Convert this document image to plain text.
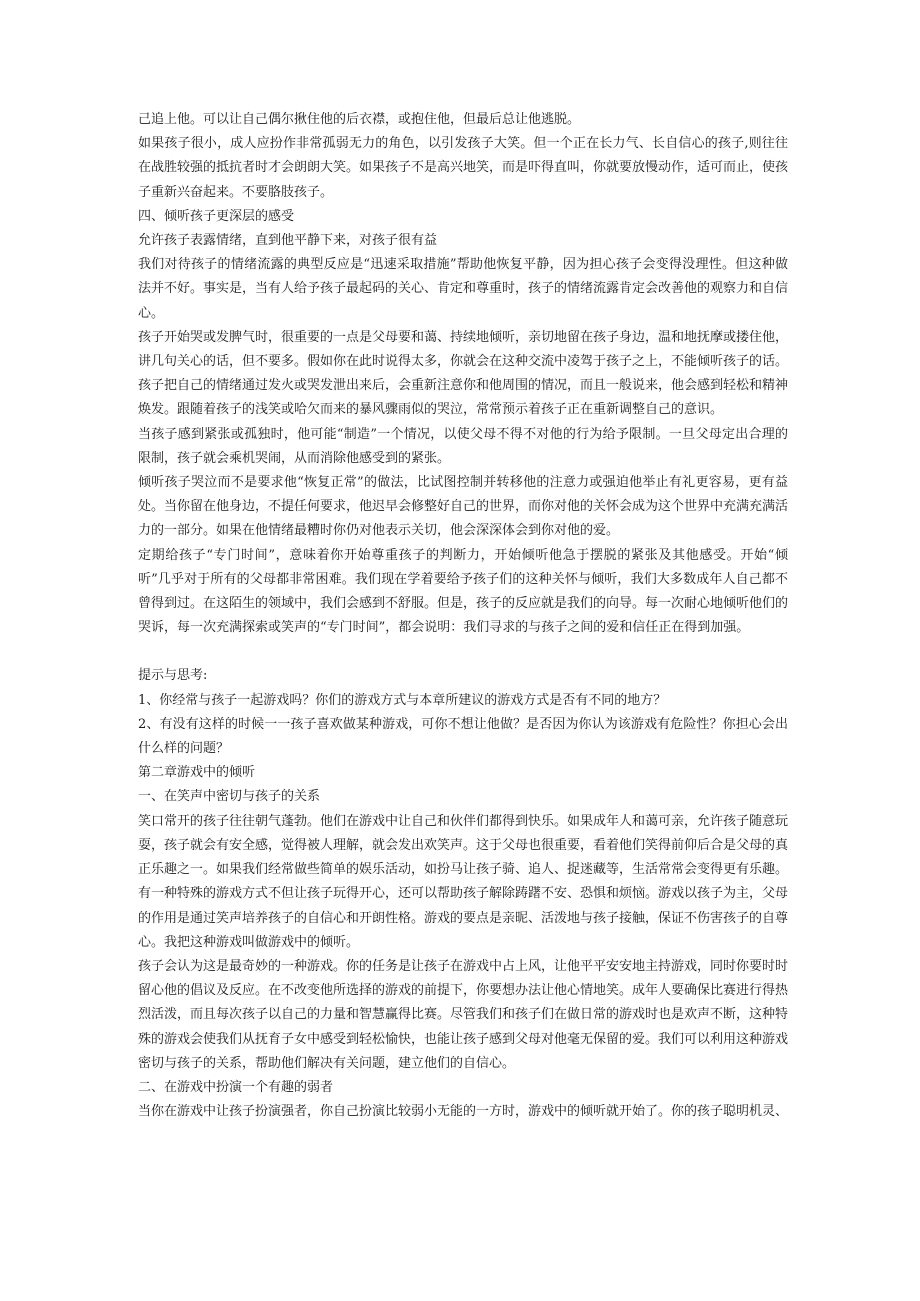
己追上他。可以让自己偶尔揪住他的后衣襟，或抱住他，但最后总让他逃脱。

如果孩子很小，成人应扮作非常孤弱无力的角色，以引发孩子大笑。但一个正在长力气、长自信心的孩子,则往往在战胜较强的抵抗者时才会朗朗大笑。如果孩子不是高兴地笑，而是吓得直叫，你就要放慢动作，适可而止，使孩子重新兴奋起来。不要胳肢孩子。

四、倾听孩子更深层的感受

允许孩子表露情绪，直到他平静下来，对孩子很有益

我们对待孩子的情绪流露的典型反应是“迅速采取措施”帮助他恢复平静，因为担心孩子会变得没理性。但这种做法并不好。事实是，当有人给予孩子最起码的关心、肯定和尊重时，孩子的情绪流露肯定会改善他的观察力和自信心。

孩子开始哭或发脾气时，很重要的一点是父母要和蔼、持续地倾听，亲切地留在孩子身边，温和地抚摩或搂住他，讲几句关心的话，但不要多。假如你在此时说得太多，你就会在这种交流中凌驾于孩子之上，不能倾听孩子的话。

孩子把自己的情绪通过发火或哭发泄出来后，会重新注意你和他周围的情况，而且一般说来，他会感到轻松和精神焕发。跟随着孩子的浅笑或哈欠而来的暴风骤雨似的哭泣，常常预示着孩子正在重新调整自己的意识。

当孩子感到紧张或孤独时，他可能“制造”一个情况，以使父母不得不对他的行为给予限制。一旦父母定出合理的限制，孩子就会乘机哭闹，从而消除他感受到的紧张。

倾听孩子哭泣而不是要求他“恢复正常”的做法，比试图控制并转移他的注意力或强迫他举止有礼更容易，更有益处。当你留在他身边，不提任何要求，他迟早会修整好自己的世界，而你对他的关怀会成为这个世界中充满充满活力的一部分。如果在他情绪最糟时你仍对他表示关切，他会深深体会到你对他的爱。

定期给孩子“专门时间”，意味着你开始尊重孩子的判断力，开始倾听他急于摆脱的紧张及其他感受。开始“倾听”几乎对于所有的父母都非常困难。我们现在学着要给予孩子们的这种关怀与倾听，我们大多数成年人自己都不曾得到过。在这陌生的领域中，我们会感到不舒服。但是，孩子的反应就是我们的向导。每一次耐心地倾听他们的哭诉，每一次充满探索或笑声的“专门时间”，都会说明：我们寻求的与孩子之间的爱和信任正在得到加强。

提示与思考:

1、你经常与孩子一起游戏吗？你们的游戏方式与本章所建议的游戏方式是否有不同的地方？

2、有没有这样的时候一一孩子喜欢做某种游戏，可你不想让他做？是否因为你认为该游戏有危险性？你担心会出什么样的问题？

第二章游戏中的倾听

一、在笑声中密切与孩子的关系

笑口常开的孩子往往朝气蓬勃。他们在游戏中让自己和伙伴们都得到快乐。如果成年人和蔼可亲，允许孩子随意玩耍，孩子就会有安全感，觉得被人理解，就会发出欢笑声。这于父母也很重要，看着他们笑得前仰后合是父母的真正乐趣之一。如果我们经常做些简单的娱乐活动，如扮马让孩子骑、追人、捉迷藏等，生活常常会变得更有乐趣。

有一种特殊的游戏方式不但让孩子玩得开心，还可以帮助孩子解除踌躇不安、恐惧和烦恼。游戏以孩子为主，父母的作用是通过笑声培养孩子的自信心和开朗性格。游戏的要点是亲昵、活泼地与孩子接触，保证不伤害孩子的自尊心。我把这种游戏叫做游戏中的倾听。

孩子会认为这是最奇妙的一种游戏。你的任务是让孩子在游戏中占上风，让他平平安安地主持游戏，同时你要时时留心他的倡议及反应。在不改变他所选择的游戏的前提下，你要想办法让他心情地笑。成年人要确保比赛进行得热烈活泼，而且每次孩子以自己的力量和智慧赢得比赛。尽管我们和孩子们在做日常的游戏时也是欢声不断，这种特殊的游戏会使我们从抚育子女中感受到轻松愉快，也能让孩子感到父母对他毫无保留的爱。我们可以利用这种游戏密切与孩子的关系，帮助他们解决有关问题，建立他们的自信心。

二、在游戏中扮演一个有趣的弱者

当你在游戏中让孩子扮演强者，你自己扮演比较弱小无能的一方时，游戏中的倾听就开始了。你的孩子聪明机灵、
